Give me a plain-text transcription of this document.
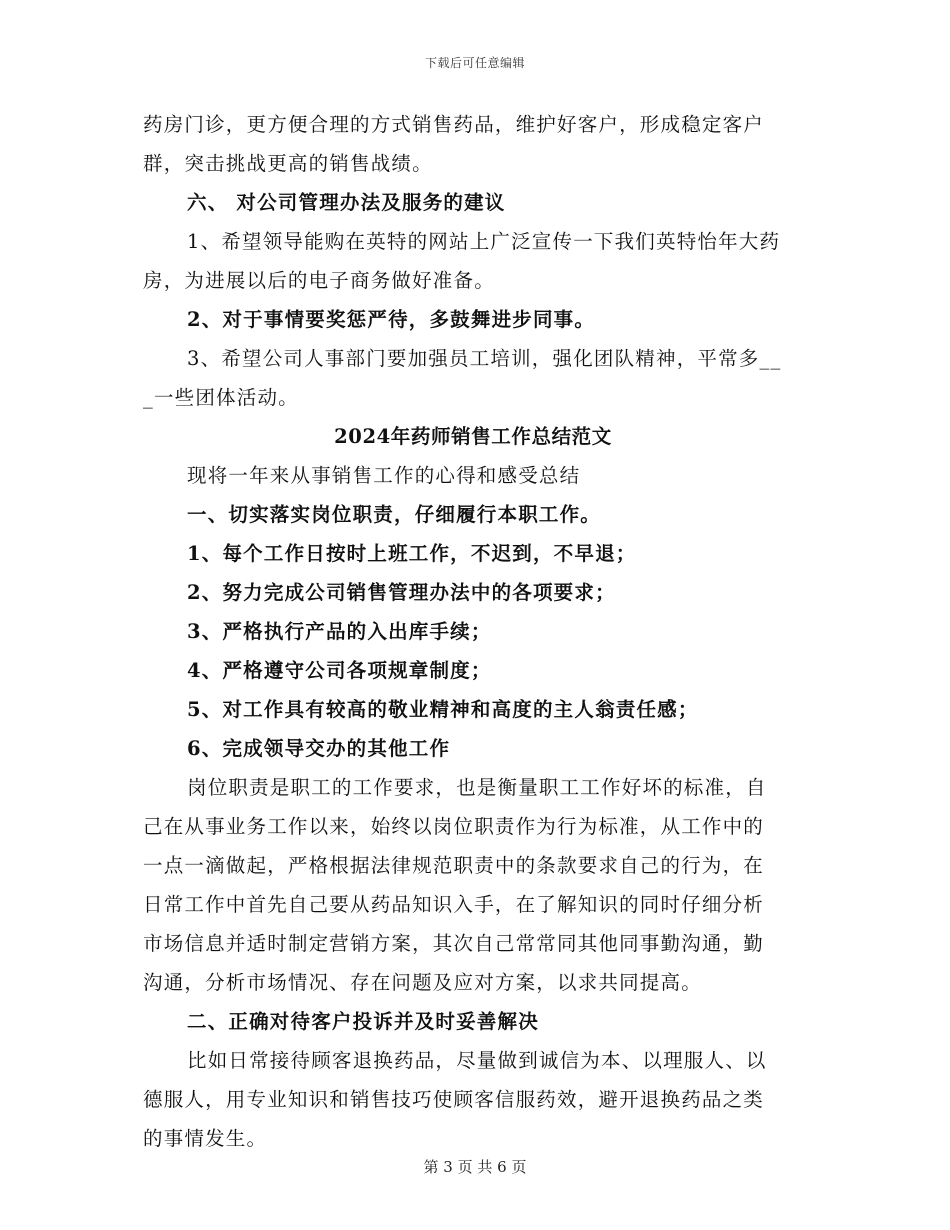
下载后可任意编辑
药房门诊，更方便合理的方式销售药品，维护好客户，形成稳定客户
群，突击挑战更高的销售战绩。
六、 对公司管理办法及服务的建议
1、希望领导能购在英特的网站上广泛宣传一下我们英特怡年大药
房，为进展以后的电子商务做好准备。
2、对于事情要奖惩严待，多鼓舞进步同事。
3、希望公司人事部门要加强员工培训，强化团队精神，平常多__
_一些团体活动。
2024年药师销售工作总结范文
现将一年来从事销售工作的心得和感受总结
一、切实落实岗位职责，仔细履行本职工作。
1、每个工作日按时上班工作，不迟到，不早退；
2、努力完成公司销售管理办法中的各项要求；
3、严格执行产品的入出库手续；
4、严格遵守公司各项规章制度；
5、对工作具有较高的敬业精神和高度的主人翁责任感；
6、完成领导交办的其他工作
岗位职责是职工的工作要求，也是衡量职工工作好坏的标准，自
己在从事业务工作以来，始终以岗位职责作为行为标准，从工作中的
一点一滴做起，严格根据法律规范职责中的条款要求自己的行为，在
日常工作中首先自己要从药品知识入手，在了解知识的同时仔细分析
市场信息并适时制定营销方案，其次自己常常同其他同事勤沟通，勤
沟通，分析市场情况、存在问题及应对方案，以求共同提高。
二、正确对待客户投诉并及时妥善解决
比如日常接待顾客退换药品，尽量做到诚信为本、以理服人、以
德服人，用专业知识和销售技巧使顾客信服药效，避开退换药品之类
的事情发生。
第 3 页 共 6 页
